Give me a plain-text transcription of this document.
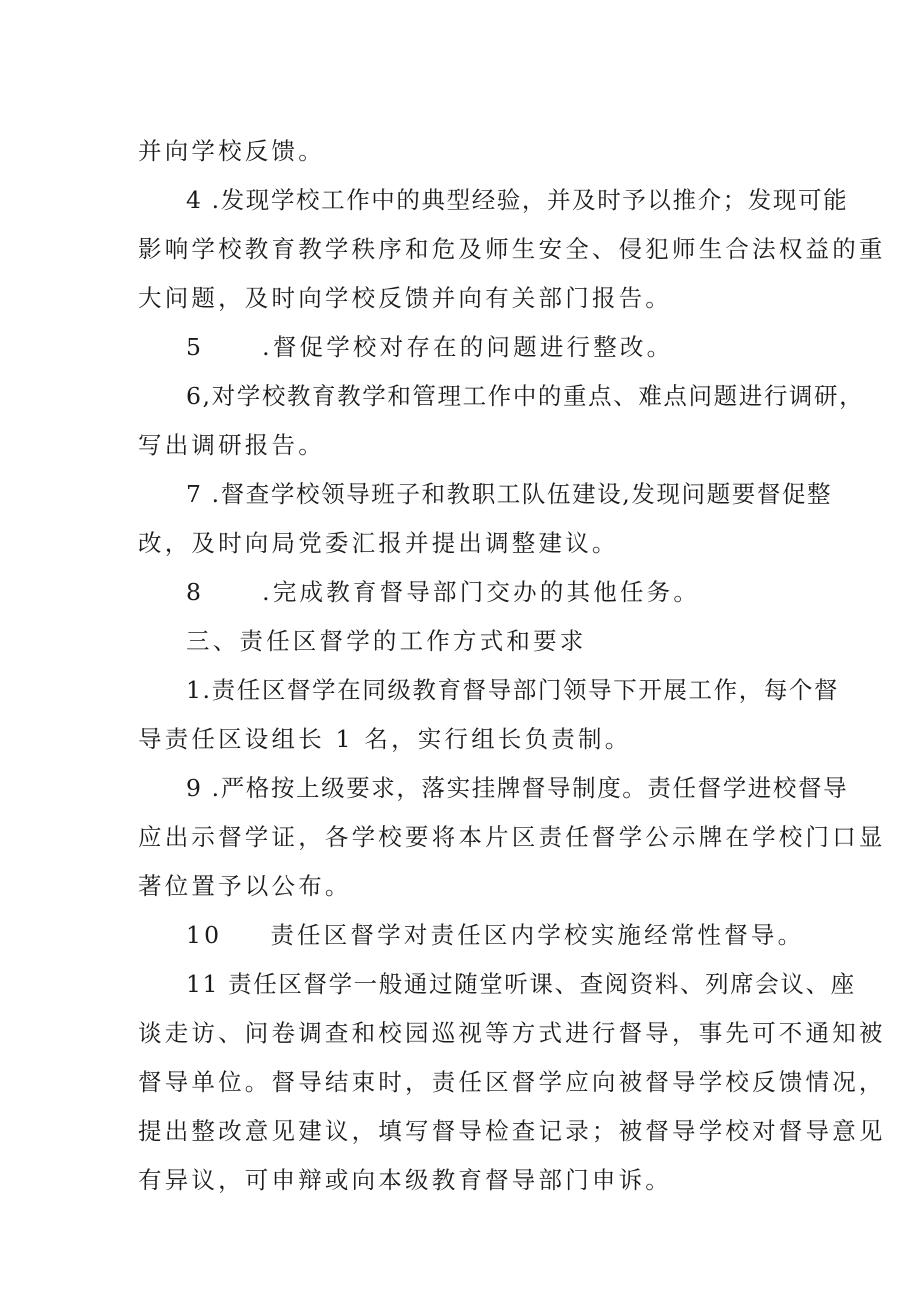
并向学校反馈。
4 .发现学校工作中的典型经验，并及时予以推介；发现可能
影响学校教育教学秩序和危及师生安全、侵犯师生合法权益的重
大问题，及时向学校反馈并向有关部门报告。
5 .督促学校对存在的问题进行整改。
6,对学校教育教学和管理工作中的重点、难点问题进行调研，
写出调研报告。
7 .督查学校领导班子和教职工队伍建设,发现问题要督促整
改，及时向局党委汇报并提出调整建议。
8 .完成教育督导部门交办的其他任务。
三、责任区督学的工作方式和要求
1.责任区督学在同级教育督导部门领导下开展工作，每个督
导责任区设组长 1 名，实行组长负责制。
9 .严格按上级要求，落实挂牌督导制度。责任督学进校督导
应出示督学证，各学校要将本片区责任督学公示牌在学校门口显
著位置予以公布。
10 责任区督学对责任区内学校实施经常性督导。
11 责任区督学一般通过随堂听课、查阅资料、列席会议、座
谈走访、问卷调查和校园巡视等方式进行督导，事先可不通知被
督导单位。督导结束时，责任区督学应向被督导学校反馈情况，
提出整改意见建议，填写督导检查记录；被督导学校对督导意见
有异议，可申辩或向本级教育督导部门申诉。
